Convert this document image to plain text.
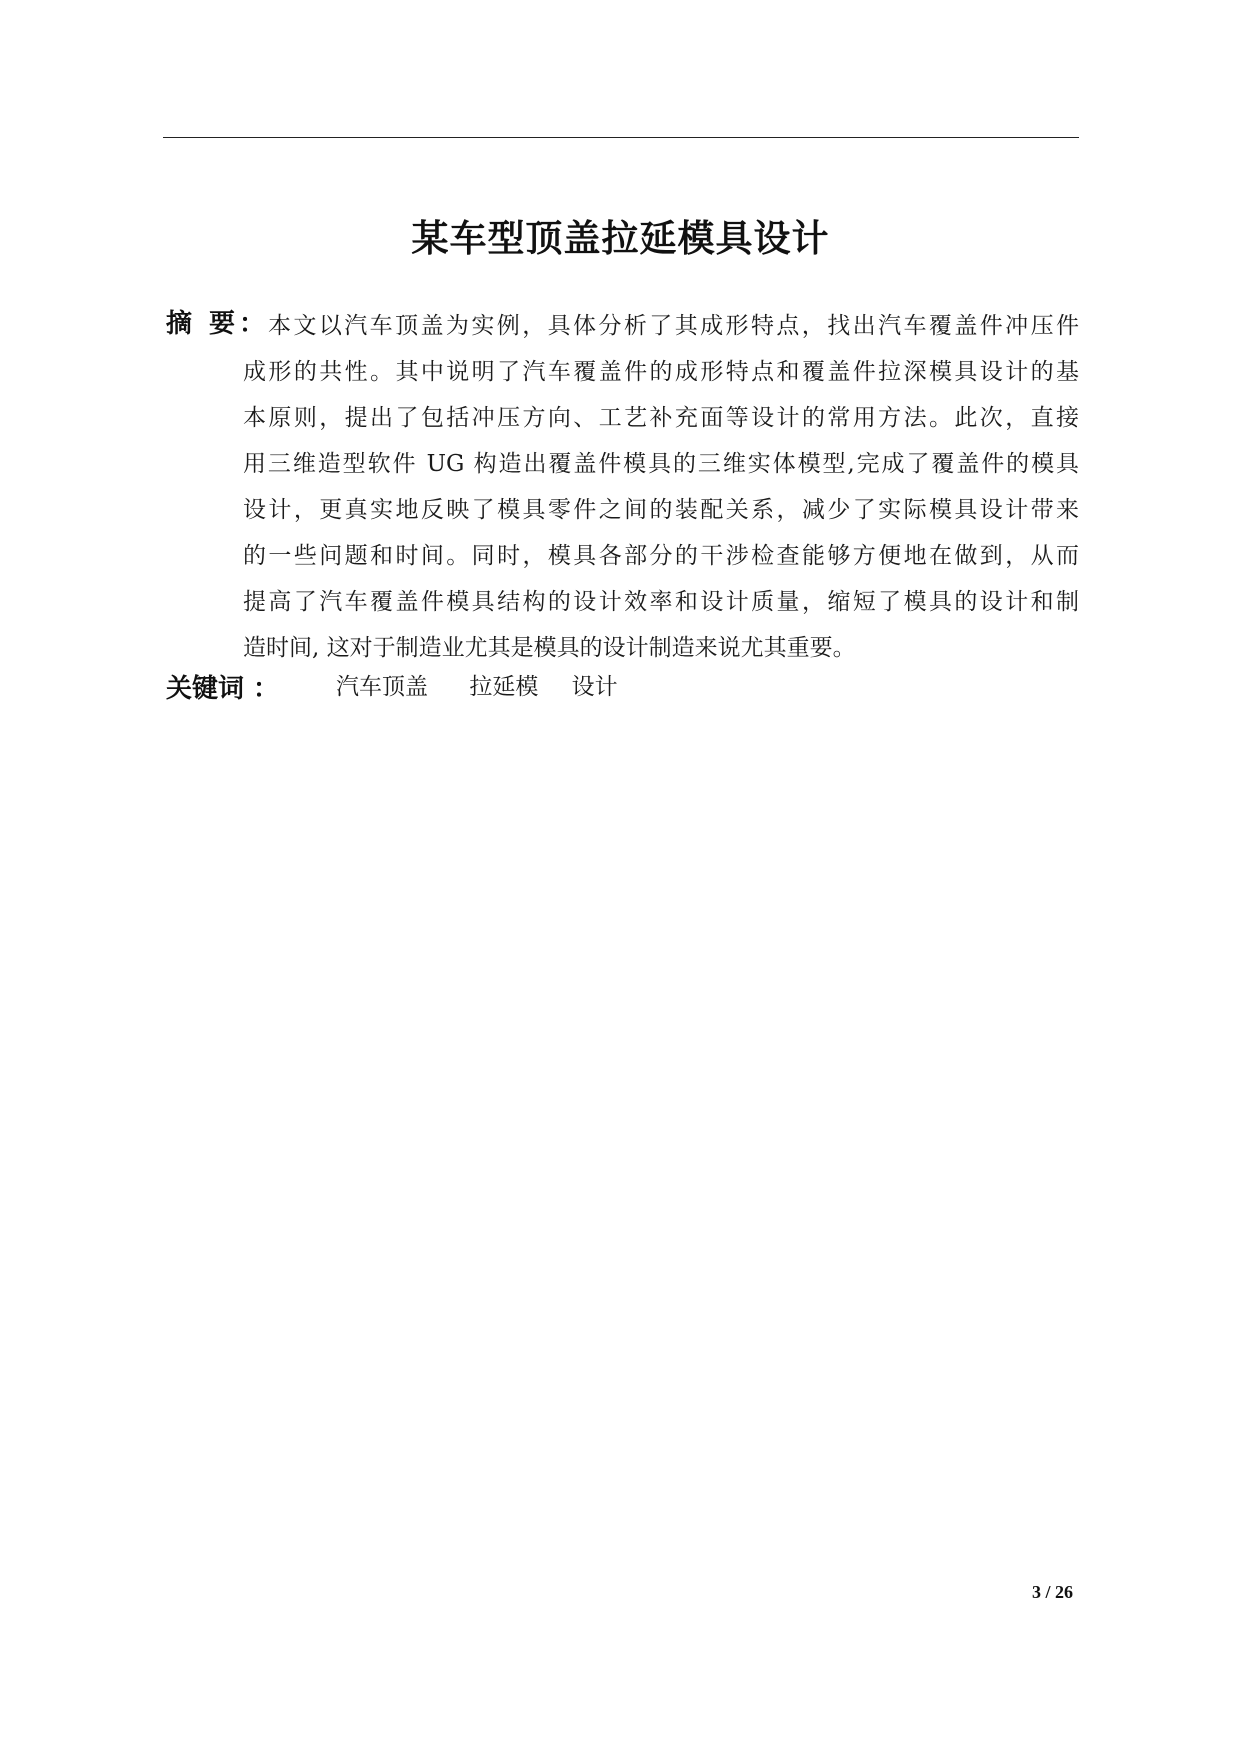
某车型顶盖拉延模具设计
摘 要：
本文以汽车顶盖为实例，具体分析了其成形特点，找出汽车覆盖件冲压件
成形的共性。其中说明了汽车覆盖件的成形特点和覆盖件拉深模具设计的基
本原则，提出了包括冲压方向、工艺补充面等设计的常用方法。此次，直接
用三维造型软件 UG 构造出覆盖件模具的三维实体模型,完成了覆盖件的模具
设计，更真实地反映了模具零件之间的装配关系，减少了实际模具设计带来
的一些问题和时间。同时，模具各部分的干涉检查能够方便地在做到，从而
提高了汽车覆盖件模具结构的设计效率和设计质量，缩短了模具的设计和制
造时间, 这对于制造业尤其是模具的设计制造来说尤其重要。
关键词 ： 汽车顶盖 拉延模 设计
3 / 26
